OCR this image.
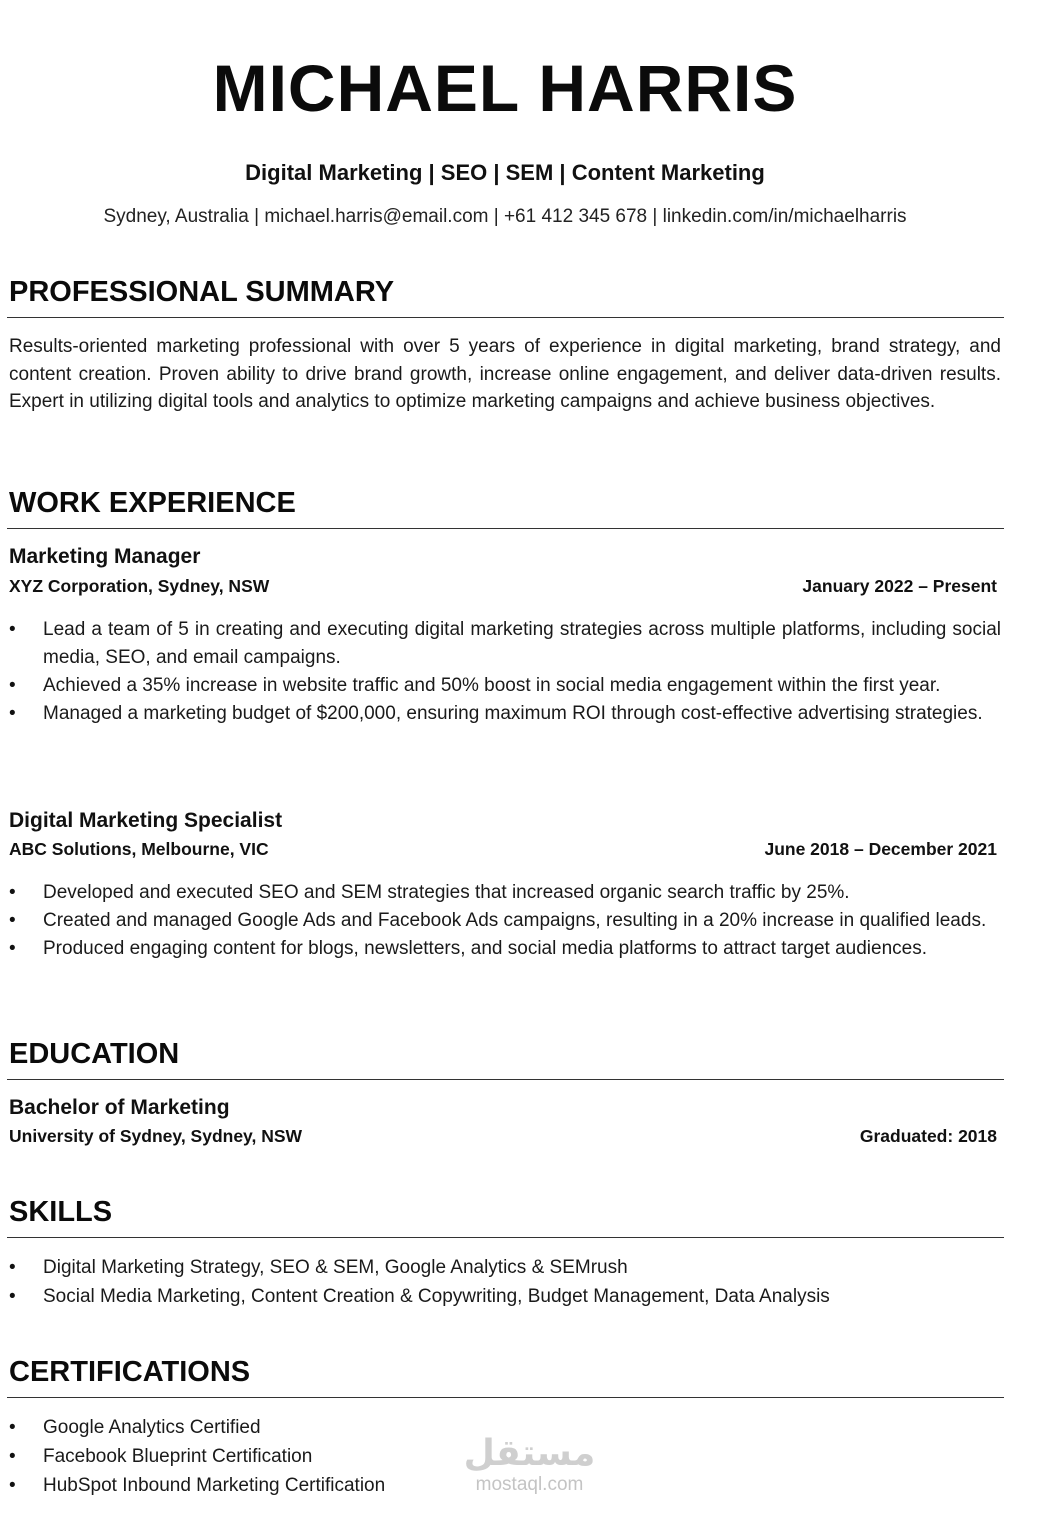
MICHAEL HARRIS
Digital Marketing | SEO | SEM | Content Marketing
Sydney, Australia | michael.harris@email.com | +61 412 345 678 | linkedin.com/in/michaelharris
PROFESSIONAL SUMMARY
Results-oriented marketing professional with over 5 years of experience in digital marketing, brand strategy, and content creation. Proven ability to drive brand growth, increase online engagement, and deliver data-driven results. Expert in utilizing digital tools and analytics to optimize marketing campaigns and achieve business objectives.
WORK EXPERIENCE
Marketing Manager
XYZ Corporation, Sydney, NSW	January 2022 – Present
• Lead a team of 5 in creating and executing digital marketing strategies across multiple platforms, including social media, SEO, and email campaigns.
• Achieved a 35% increase in website traffic and 50% boost in social media engagement within the first year.
• Managed a marketing budget of $200,000, ensuring maximum ROI through cost-effective advertising strategies.
Digital Marketing Specialist
ABC Solutions, Melbourne, VIC	June 2018 – December 2021
• Developed and executed SEO and SEM strategies that increased organic search traffic by 25%.
• Created and managed Google Ads and Facebook Ads campaigns, resulting in a 20% increase in qualified leads.
• Produced engaging content for blogs, newsletters, and social media platforms to attract target audiences.
EDUCATION
Bachelor of Marketing
University of Sydney, Sydney, NSW	Graduated: 2018
SKILLS
• Digital Marketing Strategy, SEO & SEM, Google Analytics & SEMrush
• Social Media Marketing, Content Creation & Copywriting, Budget Management, Data Analysis
CERTIFICATIONS
• Google Analytics Certified
• Facebook Blueprint Certification
• HubSpot Inbound Marketing Certification
مستقل
mostaql.com
